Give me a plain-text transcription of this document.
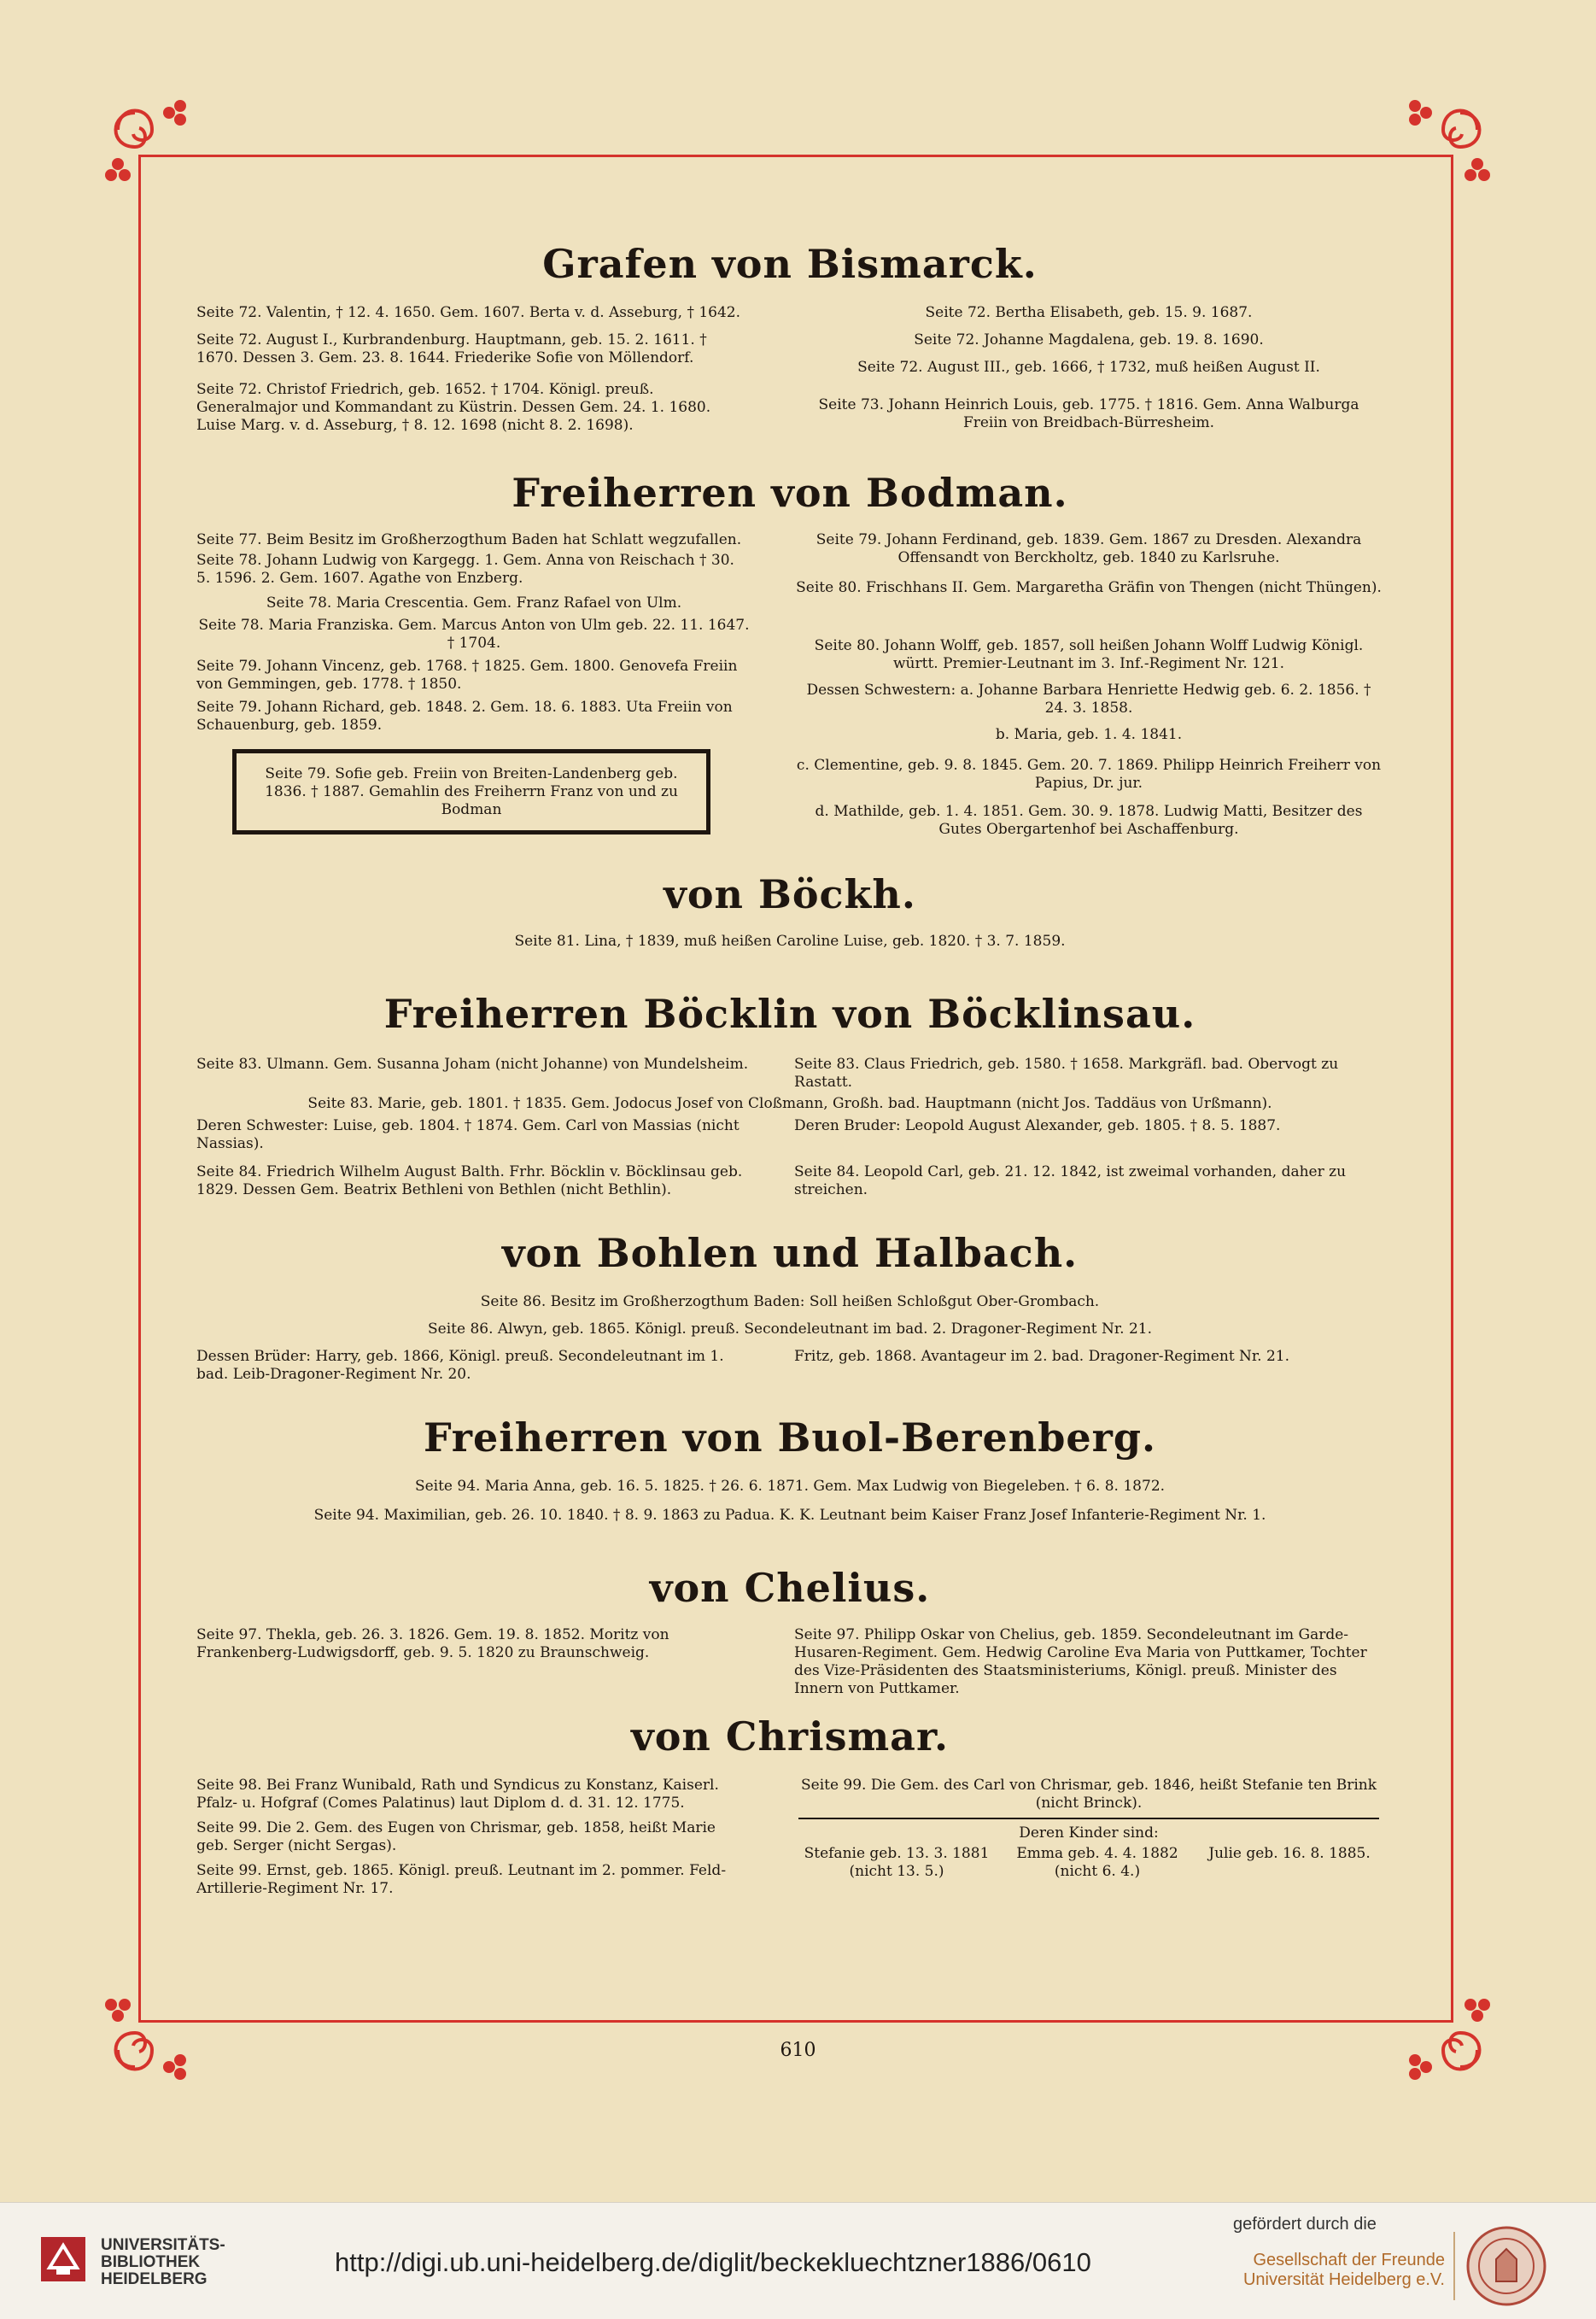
Grafen von Bismarck.
Seite 72. Valentin, † 12. 4. 1650. Gem. 1607. Berta v. d. Asseburg, † 1642.
Seite 72. August I., Kurbrandenburg. Hauptmann, geb. 15. 2. 1611. † 1670. Dessen 3. Gem. 23. 8. 1644. Friederike Sofie von Möllendorf.
Seite 72. Christof Friedrich, geb. 1652. † 1704. Königl. preuß. Generalmajor und Kommandant zu Küstrin. Dessen Gem. 24. 1. 1680. Luise Marg. v. d. Asseburg, † 8. 12. 1698 (nicht 8. 2. 1698).
Seite 72. Bertha Elisabeth, geb. 15. 9. 1687.
Seite 72. Johanne Magdalena, geb. 19. 8. 1690.
Seite 72. August III., geb. 1666, † 1732, muß heißen August II.
Seite 73. Johann Heinrich Louis, geb. 1775. † 1816. Gem. Anna Walburga Freiin von Breidbach-Bürresheim.
Freiherren von Bodman.
Seite 77. Beim Besitz im Großherzogthum Baden hat Schlatt wegzufallen.
Seite 78. Johann Ludwig von Kargegg. 1. Gem. Anna von Reischach † 30. 5. 1596. 2. Gem. 1607. Agathe von Enzberg.
Seite 78. Maria Crescentia. Gem. Franz Rafael von Ulm.
Seite 78. Maria Franziska. Gem. Marcus Anton von Ulm geb. 22. 11. 1647. † 1704.
Seite 79. Johann Vincenz, geb. 1768. † 1825. Gem. 1800. Genovefa Freiin von Gemmingen, geb. 1778. † 1850.
Seite 79. Johann Richard, geb. 1848. 2. Gem. 18. 6. 1883. Uta Freiin von Schauenburg, geb. 1859.
Seite 79. Sofie geb. Freiin von Breiten-Landenberg geb. 1836. † 1887. Gemahlin des Freiherrn Franz von und zu Bodman
Seite 79. Johann Ferdinand, geb. 1839. Gem. 1867 zu Dresden. Alexandra Offensandt von Berckholtz, geb. 1840 zu Karlsruhe.
Seite 80. Frischhans II. Gem. Margaretha Gräfin von Thengen (nicht Thüngen).
Seite 80. Johann Wolff, geb. 1857, soll heißen Johann Wolff Ludwig Königl. württ. Premier-Leutnant im 3. Inf.-Regiment Nr. 121.
Dessen Schwestern: a. Johanne Barbara Henriette Hedwig geb. 6. 2. 1856. † 24. 3. 1858.
b. Maria, geb. 1. 4. 1841.
c. Clementine, geb. 9. 8. 1845. Gem. 20. 7. 1869. Philipp Heinrich Freiherr von Papius, Dr. jur.
d. Mathilde, geb. 1. 4. 1851. Gem. 30. 9. 1878. Ludwig Matti, Besitzer des Gutes Obergartenhof bei Aschaffenburg.
von Böckh.
Seite 81. Lina, † 1839, muß heißen Caroline Luise, geb. 1820. † 3. 7. 1859.
Freiherren Böcklin von Böcklinsau.
Seite 83. Ulmann. Gem. Susanna Joham (nicht Johanne) von Mundelsheim.	Seite 83. Claus Friedrich, geb. 1580. † 1658. Markgräfl. bad. Obervogt zu Rastatt.
Seite 83. Marie, geb. 1801. † 1835. Gem. Jodocus Josef von Cloßmann, Großh. bad. Hauptmann (nicht Jos. Taddäus von Urßmann).
Deren Schwester: Luise, geb. 1804. † 1874. Gem. Carl von Massias (nicht Nassias).
Deren Bruder: Leopold August Alexander, geb. 1805. † 8. 5. 1887.
Seite 84. Friedrich Wilhelm August Balth. Frhr. Böcklin v. Böcklinsau geb. 1829. Dessen Gem. Beatrix Bethleni von Bethlen (nicht Bethlin).
Seite 84. Leopold Carl, geb. 21. 12. 1842, ist zweimal vorhanden, daher zu streichen.
von Bohlen und Halbach.
Seite 86. Besitz im Großherzogthum Baden: Soll heißen Schloßgut Ober-Grombach.
Seite 86. Alwyn, geb. 1865. Königl. preuß. Secondeleutnant im bad. 2. Dragoner-Regiment Nr. 21.
Dessen Brüder: Harry, geb. 1866, Königl. preuß. Secondeleutnant im 1. bad. Leib-Dragoner-Regiment Nr. 20.
Fritz, geb. 1868. Avantageur im 2. bad. Dragoner-Regiment Nr. 21.
Freiherren von Buol-Berenberg.
Seite 94. Maria Anna, geb. 16. 5. 1825. † 26. 6. 1871. Gem. Max Ludwig von Biegeleben. † 6. 8. 1872.
Seite 94. Maximilian, geb. 26. 10. 1840. † 8. 9. 1863 zu Padua. K. K. Leutnant beim Kaiser Franz Josef Infanterie-Regiment Nr. 1.
von Chelius.
Seite 97. Thekla, geb. 26. 3. 1826. Gem. 19. 8. 1852. Moritz von Frankenberg-Ludwigsdorff, geb. 9. 5. 1820 zu Braunschweig.
Seite 97. Philipp Oskar von Chelius, geb. 1859. Secondeleutnant im Garde-Husaren-Regiment. Gem. Hedwig Caroline Eva Maria von Puttkamer, Tochter des Vize-Präsidenten des Staatsministeriums, Königl. preuß. Minister des Innern von Puttkamer.
von Chrismar.
Seite 98. Bei Franz Wunibald, Rath und Syndicus zu Konstanz, Kaiserl. Pfalz- u. Hofgraf (Comes Palatinus) laut Diplom d. d. 31. 12. 1775.
Seite 99. Die 2. Gem. des Eugen von Chrismar, geb. 1858, heißt Marie geb. Serger (nicht Sergas).
Seite 99. Ernst, geb. 1865. Königl. preuß. Leutnant im 2. pommer. Feld-Artillerie-Regiment Nr. 17.
Seite 99. Die Gem. des Carl von Chrismar, geb. 1846, heißt Stefanie ten Brink (nicht Brinck).
Deren Kinder sind:
Stefanie geb. 13. 3. 1881 (nicht 13. 5.)
Emma geb. 4. 4. 1882 (nicht 6. 4.)
Julie geb. 16. 8. 1885.
610
UNIVERSITÄTS-
BIBLIOTHEK
HEIDELBERG
http://digi.ub.uni-heidelberg.de/diglit/beckekluechtzner1886/0610
gefördert durch die
Gesellschaft der Freunde
Universität Heidelberg e.V.
